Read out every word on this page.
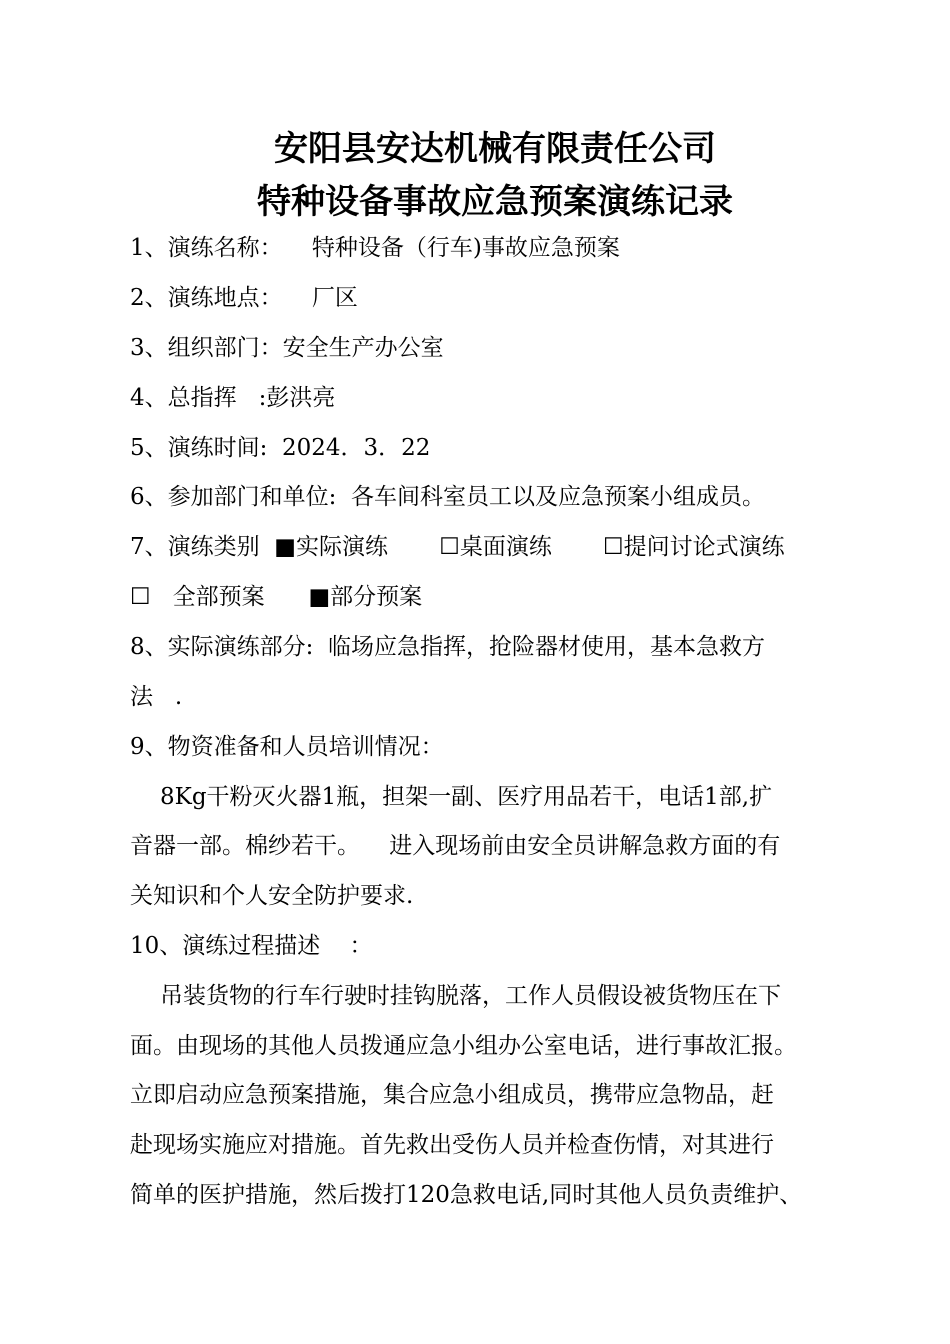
安阳县安达机械有限责任公司
特种设备事故应急预案演练记录
1、演练名称：    特种设备（行车)事故应急预案
2、演练地点：    厂区
3、组织部门：安全生产办公室
4、总指挥   :彭洪亮
5、演练时间:  2024．3．22
6、参加部门和单位:  各车间科室员工以及应急预案小组成员。
7、演练类别  ■实际演练 ☐桌面演练 ☐提问讨论式演练
☐ 全部预案 ■部分预案
8、实际演练部分:  临场应急指挥，抢险器材使用，基本急救方
法   .
9、物资准备和人员培训情况：
8Kg干粉灭火器1瓶，担架一副、医疗用品若干，电话1部,扩
音器一部。棉纱若干。    进入现场前由安全员讲解急救方面的有
关知识和个人安全防护要求.
10、演练过程描述    ：
吊装货物的行车行驶时挂钩脱落，工作人员假设被货物压在下
面。由现场的其他人员拨通应急小组办公室电话，进行事故汇报。
立即启动应急预案措施，集合应急小组成员，携带应急物品，赶
赴现场实施应对措施。首先救出受伤人员并检查伤情，对其进行
简单的医护措施，然后拨打120急救电话,同时其他人员负责维护、
